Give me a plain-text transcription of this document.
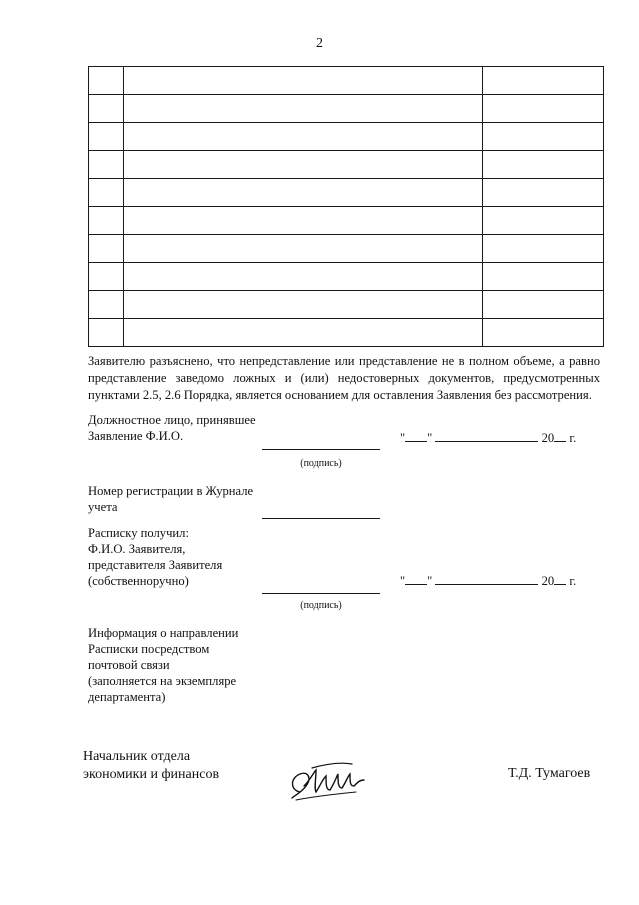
2

Заявителю разъяснено, что непредставление или представление не в полном объеме, а равно представление заведомо ложных и (или) недостоверных документов, предусмотренных пунктами 2.5, 2.6 Порядка, является основанием для оставления Заявления без рассмотрения.
Должностное лицо, принявшее
Заявление Ф.И.О.
(подпись)
" "	20 г.
Номер регистрации в Журнале
учета
Расписку получил:
Ф.И.О. Заявителя,
представителя Заявителя
(собственноручно)
(подпись)
" "	20 г.
Информация о направлении
Расписки посредством
почтовой связи
(заполняется на экземпляре
департамента)
Начальник отдела
экономики и финансов	Т.Д. Тумагоев
